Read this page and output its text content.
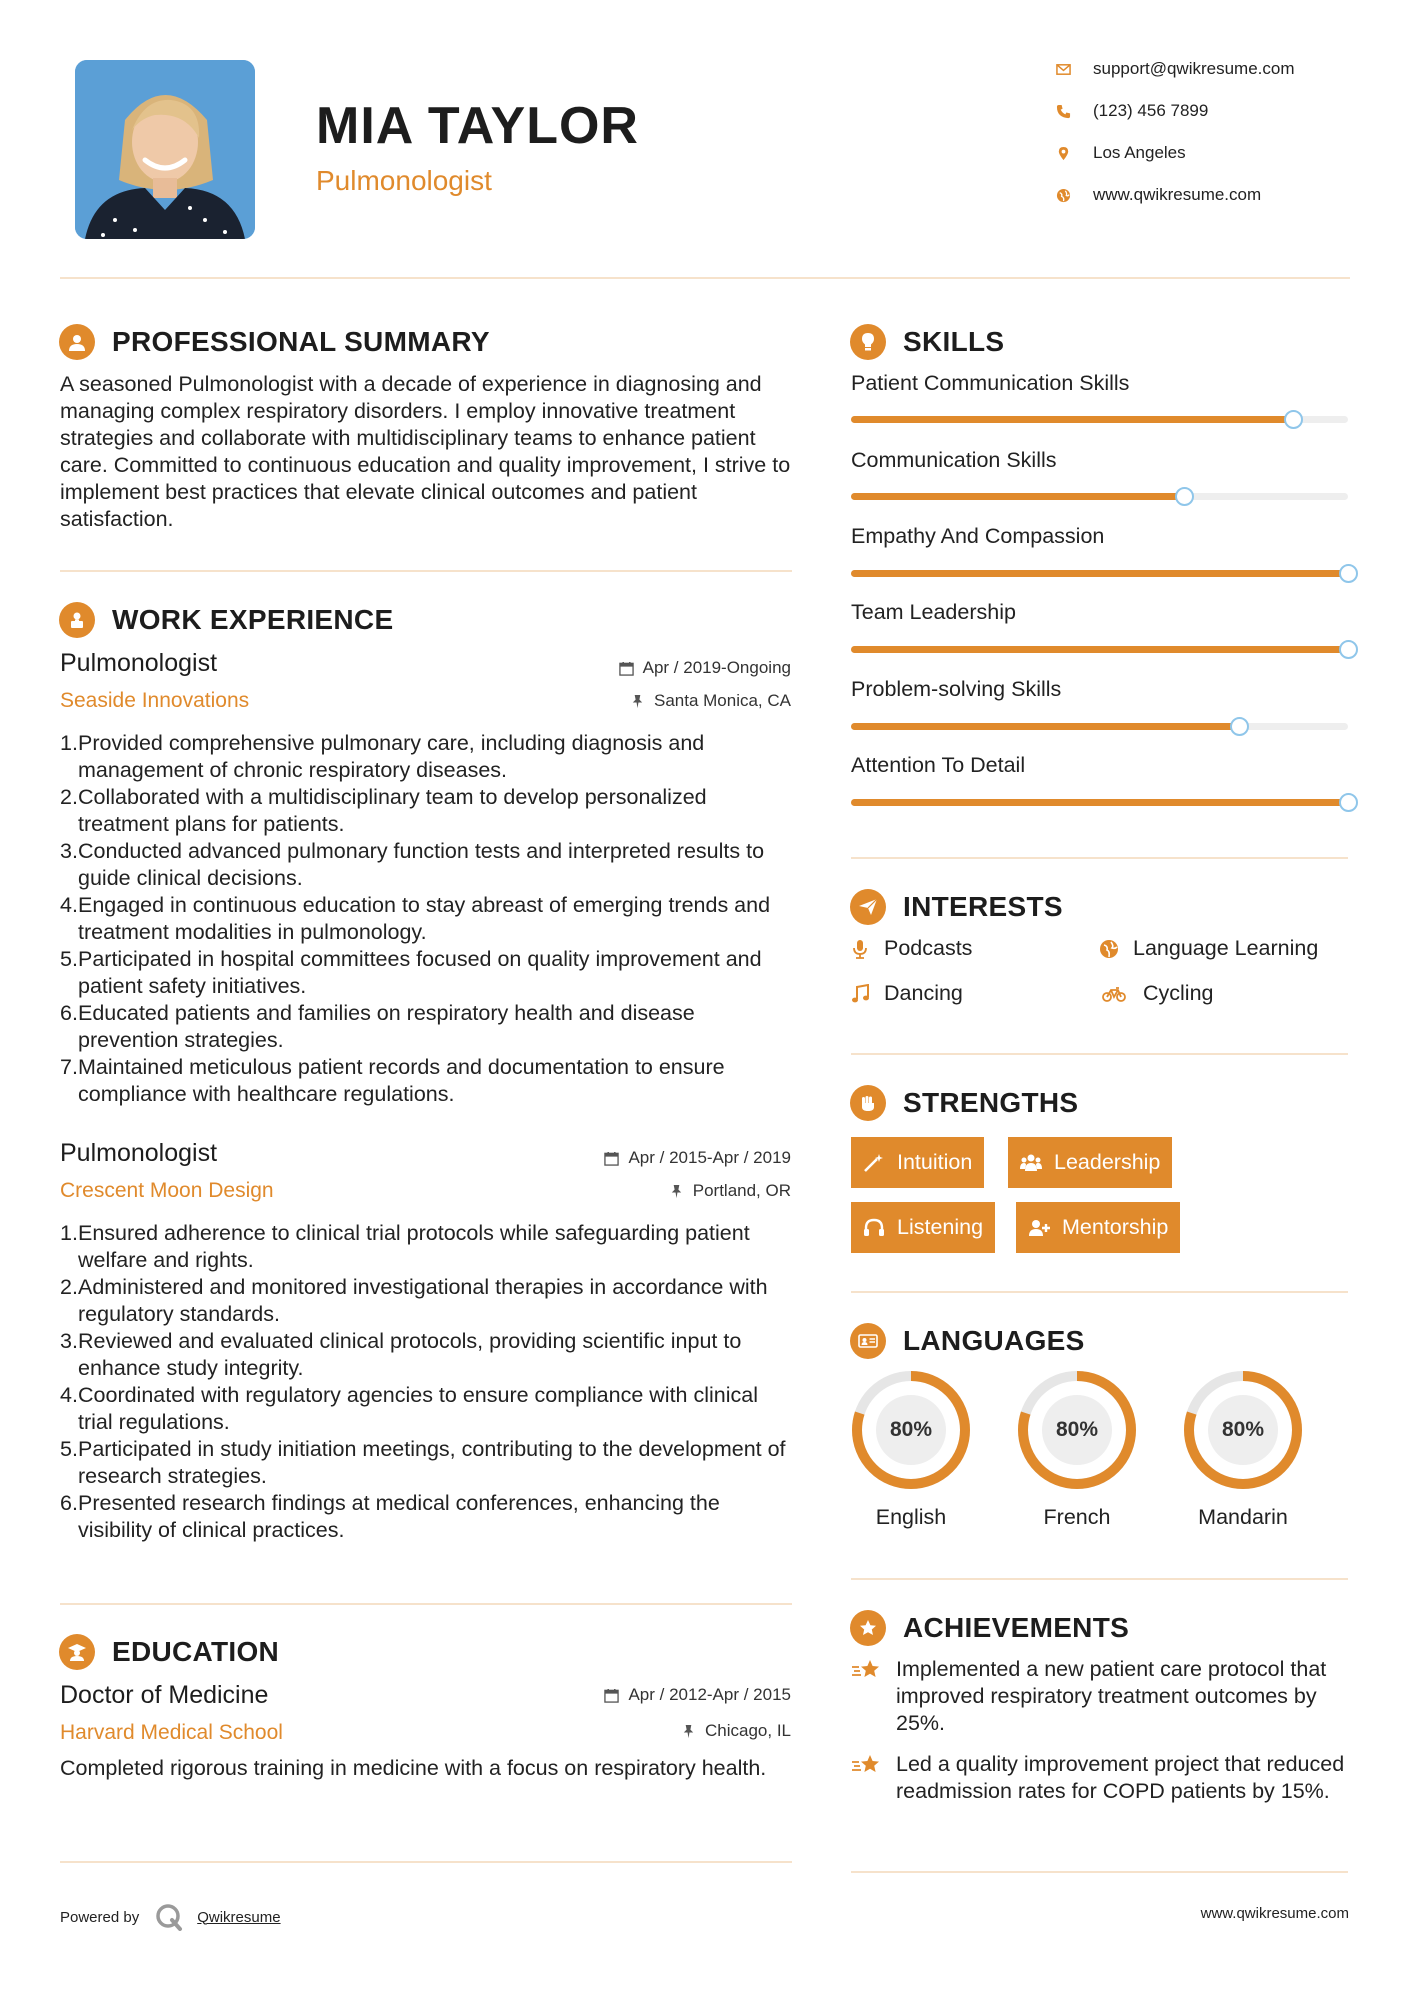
MIA TAYLOR
Pulmonologist
support@qwikresume.com
(123) 456 7899
Los Angeles
www.qwikresume.com
PROFESSIONAL SUMMARY
A seasoned Pulmonologist with a decade of experience in diagnosing and managing complex respiratory disorders. I employ innovative treatment strategies and collaborate with multidisciplinary teams to enhance patient care. Committed to continuous education and quality improvement, I strive to implement best practices that elevate clinical outcomes and patient satisfaction.
WORK EXPERIENCE
Pulmonologist
Seaside Innovations
Apr / 2019-Ongoing
Santa Monica, CA
1. Provided comprehensive pulmonary care, including diagnosis and management of chronic respiratory diseases.
2. Collaborated with a multidisciplinary team to develop personalized treatment plans for patients.
3. Conducted advanced pulmonary function tests and interpreted results to guide clinical decisions.
4. Engaged in continuous education to stay abreast of emerging trends and treatment modalities in pulmonology.
5. Participated in hospital committees focused on quality improvement and patient safety initiatives.
6. Educated patients and families on respiratory health and disease prevention strategies.
7. Maintained meticulous patient records and documentation to ensure compliance with healthcare regulations.
Pulmonologist
Crescent Moon Design
Apr / 2015-Apr / 2019
Portland, OR
1. Ensured adherence to clinical trial protocols while safeguarding patient welfare and rights.
2. Administered and monitored investigational therapies in accordance with regulatory standards.
3. Reviewed and evaluated clinical protocols, providing scientific input to enhance study integrity.
4. Coordinated with regulatory agencies to ensure compliance with clinical trial regulations.
5. Participated in study initiation meetings, contributing to the development of research strategies.
6. Presented research findings at medical conferences, enhancing the visibility of clinical practices.
EDUCATION
Doctor of Medicine
Harvard Medical School
Apr / 2012-Apr / 2015
Chicago, IL
Completed rigorous training in medicine with a focus on respiratory health.
SKILLS
Patient Communication Skills
Communication Skills
Empathy And Compassion
Team Leadership
Problem-solving Skills
Attention To Detail
INTERESTS
Podcasts	Language Learning
Dancing	Cycling
STRENGTHS
Intuition	Leadership
Listening	Mentorship
LANGUAGES
80%
English
80%
French
80%
Mandarin
ACHIEVEMENTS
Implemented a new patient care protocol that improved respiratory treatment outcomes by 25%.
Led a quality improvement project that reduced readmission rates for COPD patients by 15%.
Powered by	Qwikresume	www.qwikresume.com
